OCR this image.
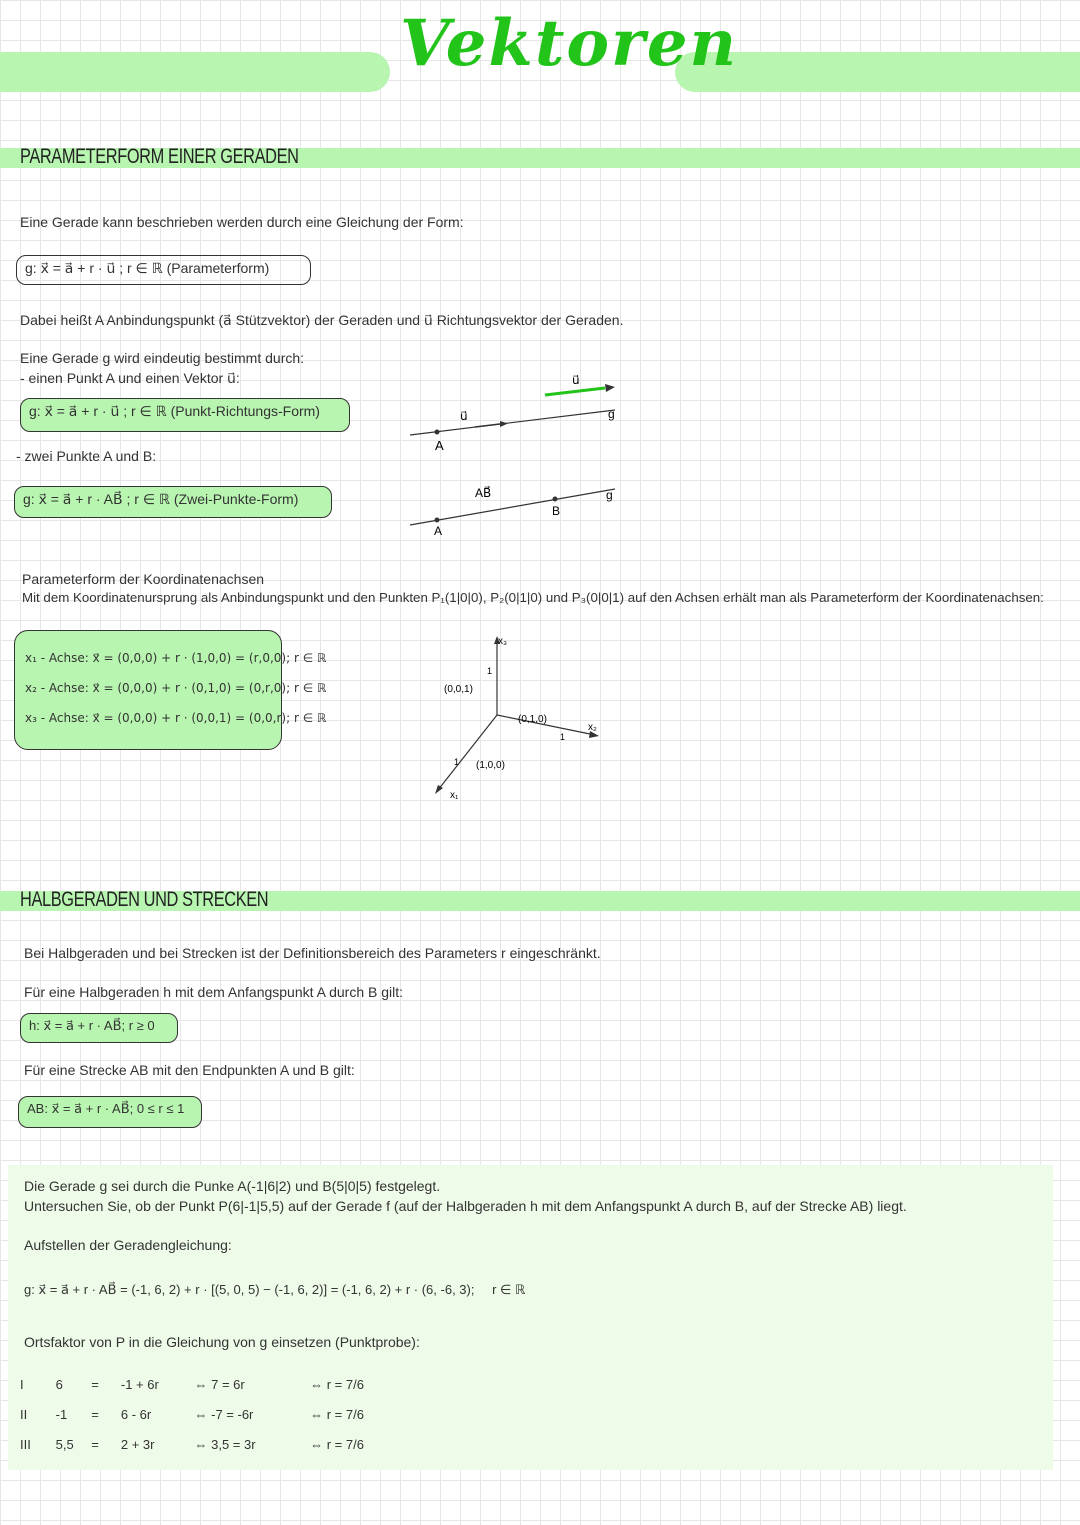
Vektoren
PARAMETERFORM EINER GERADEN
Eine Gerade kann beschrieben werden durch eine Gleichung der Form:
g: x⃗ = a⃗ + r · u⃗ ; r ∈ ℝ (Parameterform)
Dabei heißt A Anbindungspunkt (a⃗ Stützvektor) der Geraden und u⃗ Richtungsvektor der Geraden.
Eine Gerade g wird eindeutig bestimmt durch:
- einen Punkt A und einen Vektor u⃗:
g: x⃗ = a⃗ + r · u⃗ ; r ∈ ℝ (Punkt-Richtungs-Form)
- zwei Punkte A und B:
g: x⃗ = a⃗ + r · AB⃗ ; r ∈ ℝ (Zwei-Punkte-Form)
A
u⃗
u⃗
g
A
B
AB⃗	g
Parameterform der Koordinatenachsen
Mit dem Koordinatenursprung als Anbindungspunkt und den Punkten P₁(1|0|0), P₂(0|1|0) und P₃(0|0|1) auf den Achsen erhält man als Parameterform der Koordinatenachsen:
x₁ - Achse: x⃗ = (0,0,0) + r · (1,0,0) = (r,0,0); r ∈ ℝ
x₂ - Achse: x⃗ = (0,0,0) + r · (0,1,0) = (0,r,0); r ∈ ℝ
x₃ - Achse: x⃗ = (0,0,0) + r · (0,0,1) = (0,0,r); r ∈ ℝ
x₃
x₂
x₁
1
1
1
(0,0,1)
(0,1,0)
(1,0,0)
HALBGERADEN UND STRECKEN
Bei Halbgeraden und bei Strecken ist der Definitionsbereich des Parameters r eingeschränkt.
Für eine Halbgeraden h mit dem Anfangspunkt A durch B gilt:
h: x⃗ = a⃗ + r · AB⃗; r ≥ 0
Für eine Strecke AB mit den Endpunkten A und B gilt:
AB: x⃗ = a⃗ + r · AB⃗; 0 ≤ r ≤ 1
Die Gerade g sei durch die Punke A(-1|6|2) und B(5|0|5) festgelegt.
Untersuchen Sie, ob der Punkt P(6|-1|5,5) auf der Gerade f (auf der Halbgeraden h mit dem Anfangspunkt A durch B, auf der Strecke AB) liegt.
Aufstellen der Geradengleichung:
g: x⃗ = a⃗ + r · AB⃗ = (-1, 6, 2) + r · [(5, 0, 5) − (-1, 6, 2)] = (-1, 6, 2) + r · (6, -6, 3); r ∈ ℝ
Ortsfaktor von P in die Gleichung von g einsetzen (Punktprobe):
I 6 = -1 + 6r	⇔ 7 = 6r	⇔ r = 7/6
II -1 = 6 - 6r	⇔ -7 = -6r	⇔ r = 7/6
III 5,5 = 2 + 3r	⇔ 3,5 = 3r	⇔ r = 7/6
